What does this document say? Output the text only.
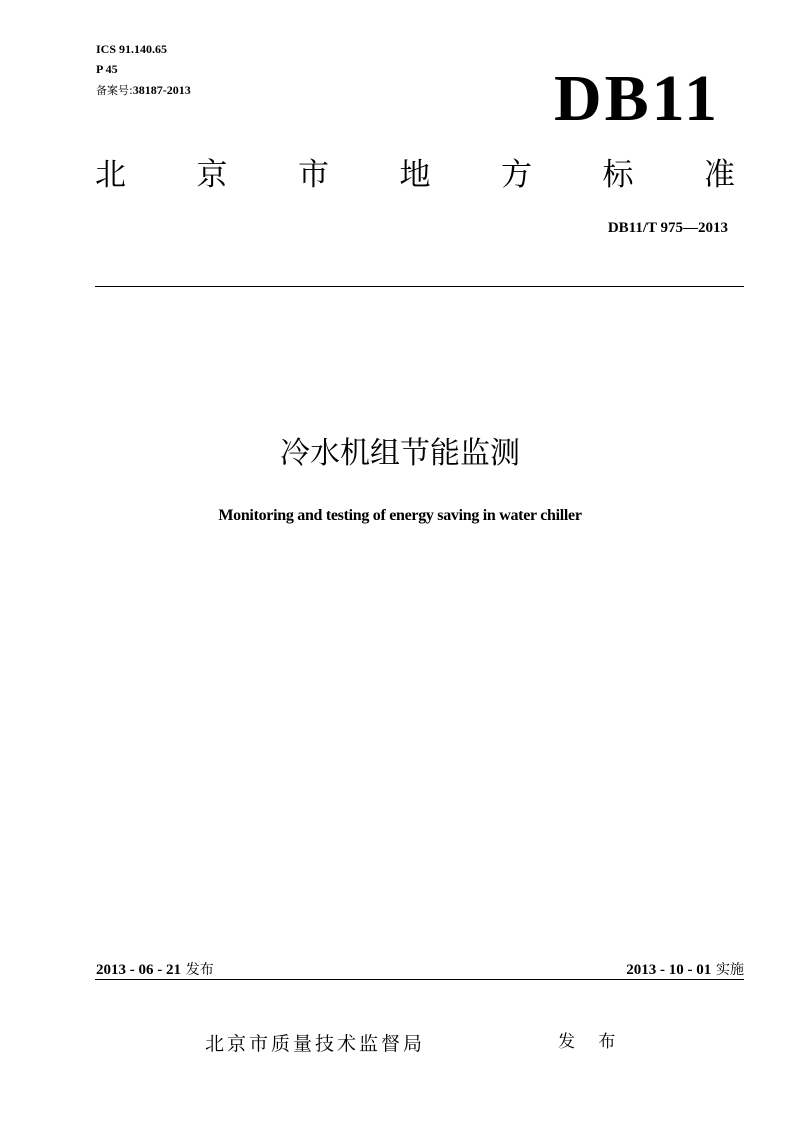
ICS 91.140.65
P 45
备案号:38187-2013	DB11
北 京 市 地 方 标 准
DB11/T 975—2013
冷水机组节能监测
Monitoring and testing of energy saving in water chiller
2013 - 06 - 21 发布	2013 - 10 - 01 实施
北京市质量技术监督局	发 布
